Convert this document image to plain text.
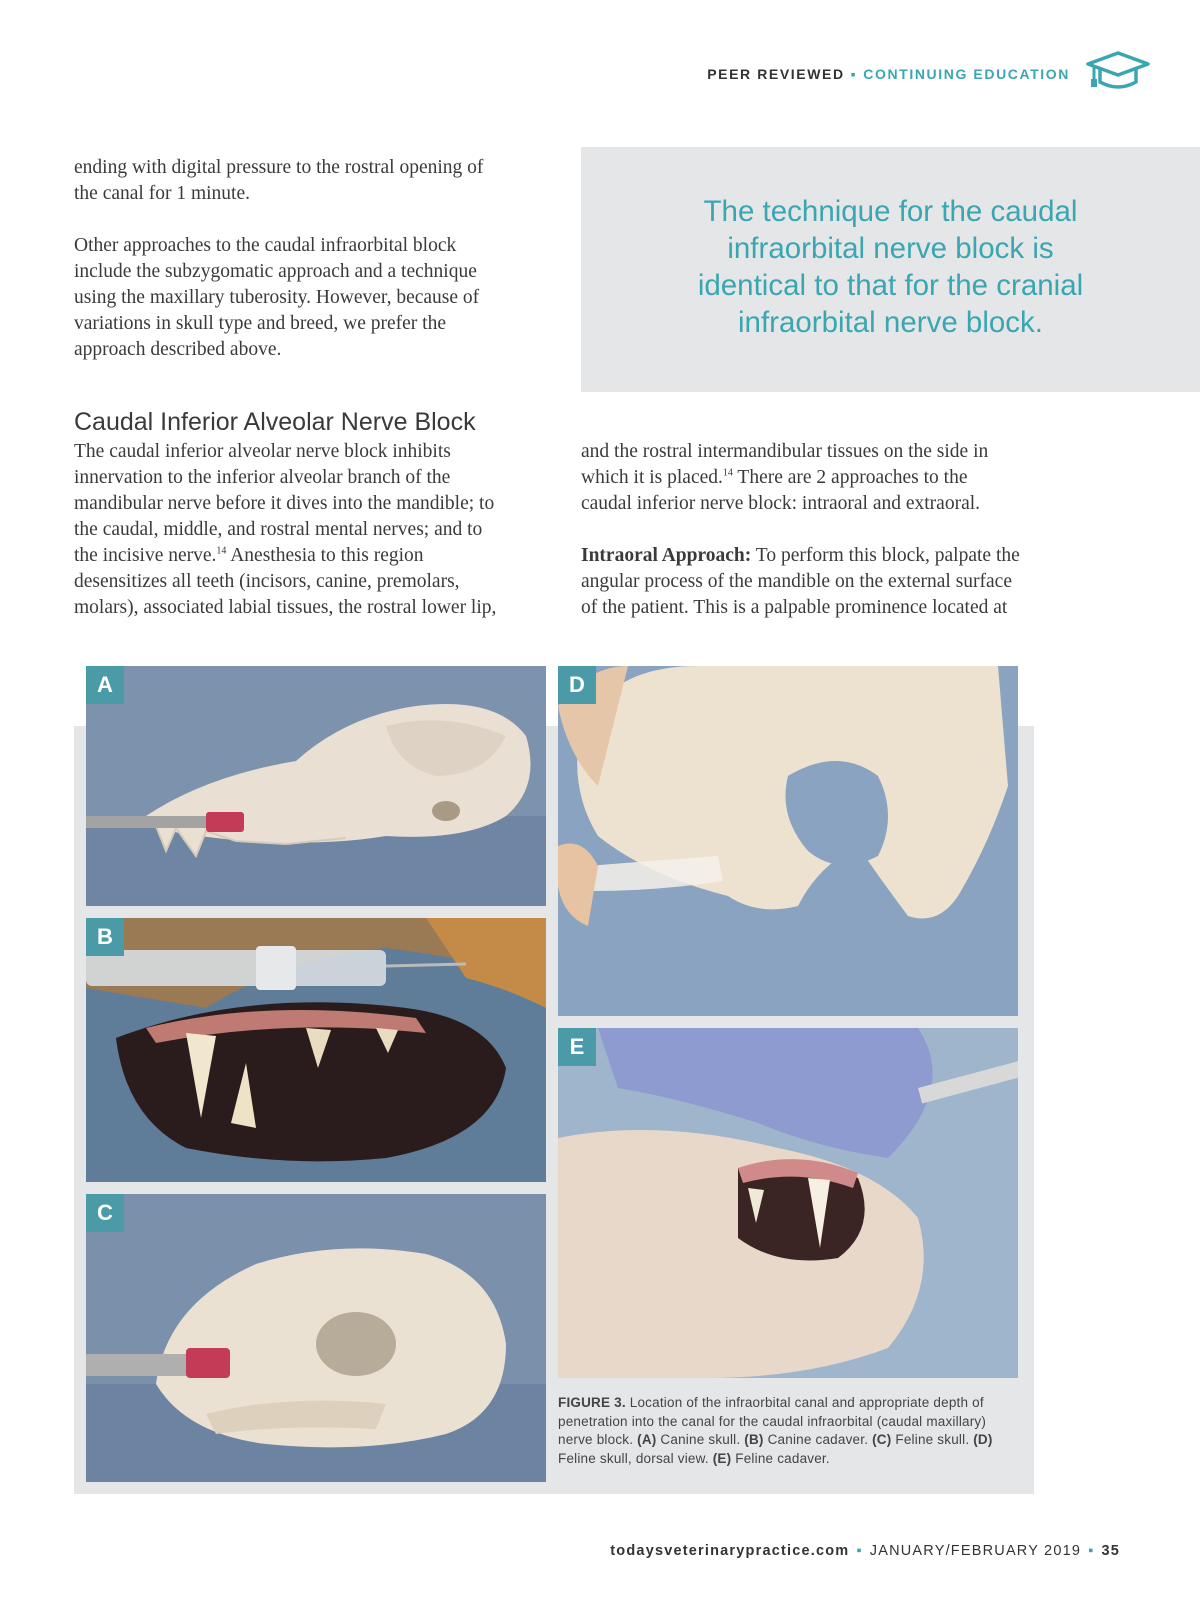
PEER REVIEWED ▪ CONTINUING EDUCATION

ending with digital pressure to the rostral opening of
the canal for 1 minute.

Other approaches to the caudal infraorbital block
include the subzygomatic approach and a technique
using the maxillary tuberosity. However, because of
variations in skull type and breed, we prefer the
approach described above.

The technique for the caudal
infraorbital nerve block is
identical to that for the cranial
infraorbital nerve block.

Caudal Inferior Alveolar Nerve Block

The caudal inferior alveolar nerve block inhibits
innervation to the inferior alveolar branch of the
mandibular nerve before it dives into the mandible; to
the caudal, middle, and rostral mental nerves; and to
the incisive nerve.$^{14}$ Anesthesia to this region
desensitizes all teeth (incisors, canine, premolars,
molars), associated labial tissues, the rostral lower lip,

and the rostral intermandibular tissues on the side in
which it is placed.$^{14}$ There are 2 approaches to the
caudal inferior nerve block: intraoral and extraoral.

Intraoral Approach: To perform this block, palpate the
angular process of the mandible on the external surface
of the patient. This is a palpable prominence located at

A
B
C
D
E

FIGURE 3. Location of the infraorbital canal and appropriate depth of penetration into the canal for the caudal infraorbital (caudal maxillary) nerve block. (A) Canine skull. (B) Canine cadaver. (C) Feline skull. (D) Feline skull, dorsal view. (E) Feline cadaver.

todaysveterinarypractice.com ▪ JANUARY/FEBRUARY 2019 ▪ 35
